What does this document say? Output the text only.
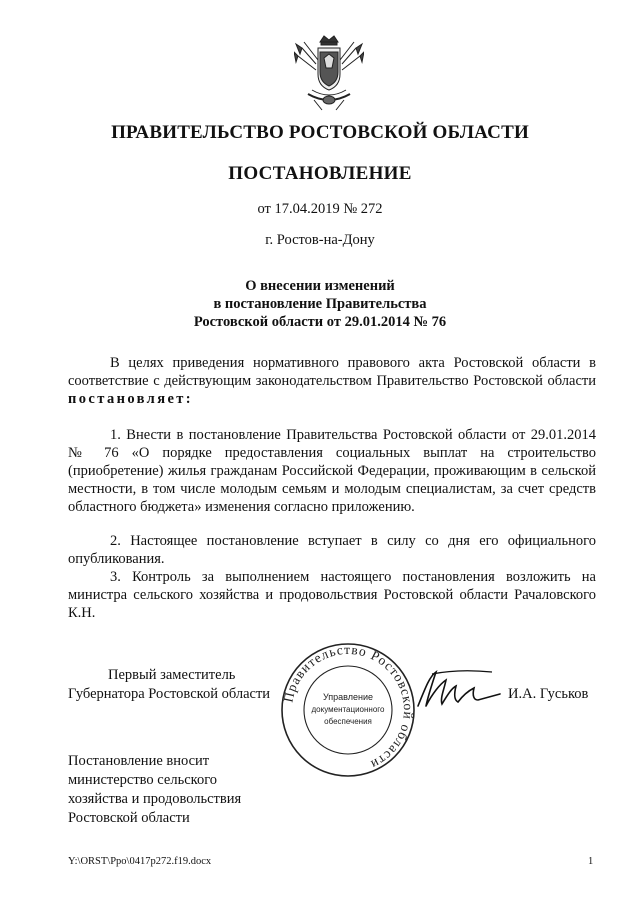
ПРАВИТЕЛЬСТВО РОСТОВСКОЙ ОБЛАСТИ
ПОСТАНОВЛЕНИЕ
от 17.04.2019 № 272
г. Ростов-на-Дону
О внесении изменений
в постановление Правительства
Ростовской области от 29.01.2014 № 76
В целях приведения нормативного правового акта Ростовской области в соответствие с действующим законодательством Правительство Ростовской области постановляет:
1. Внести в постановление Правительства Ростовской области от 29.01.2014 № 76 «О порядке предоставления социальных выплат на строительство (приобретение) жилья гражданам Российской Федерации, проживающим в сельской местности, в том числе молодым семьям и молодым специалистам, за счет средств областного бюджета» изменения согласно приложению.
2. Настоящее постановление вступает в силу со дня его официального опубликования.
3. Контроль за выполнением настоящего постановления возложить на министра сельского хозяйства и продовольствия Ростовской области Рачаловского К.Н.
Первый заместитель
Губернатора Ростовской области	И.А. Гуськов
Правительство Ростовской области
Управление
документационного
обеспечения
Постановление вносит
министерство сельского
хозяйства и продовольствия
Ростовской области
Y:\ORST\Ppo\0417p272.f19.docx	1
